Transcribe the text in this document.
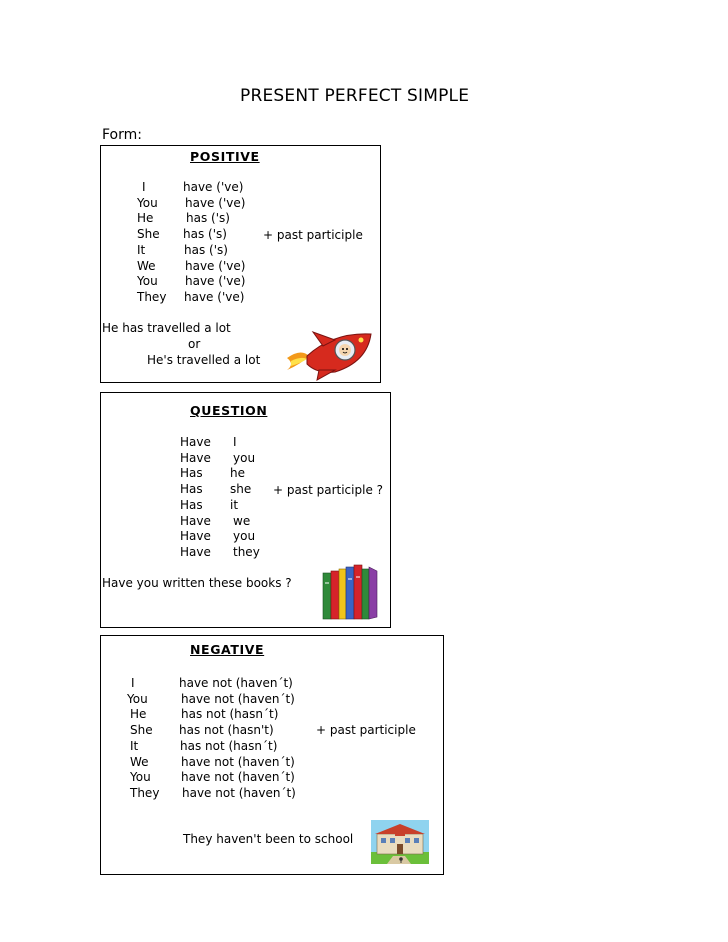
PRESENT PERFECT SIMPLE
Form:
POSITIVE
I
You
He
She
It
We
You
They
have ('ve)
have ('ve)
has ('s)
has ('s)
has ('s)
have ('ve)
have ('ve)
have ('ve)
+ past participle
He has travelled a lot
or
He's travelled a lot
QUESTION
Have
Have
Has
Has
Has
Have
Have
Have
I
you
he
she
it
we
you
they
+ past participle ?
Have you written these books ?
NEGATIVE
I
You
He
She
It
We
You
They
have not (haven´t)
have not (haven´t)
has not (hasn´t)
has not (hasn't)
has not (hasn´t)
have not (haven´t)
have not (haven´t)
have not (haven´t)
+ past participle
They haven't been to school
